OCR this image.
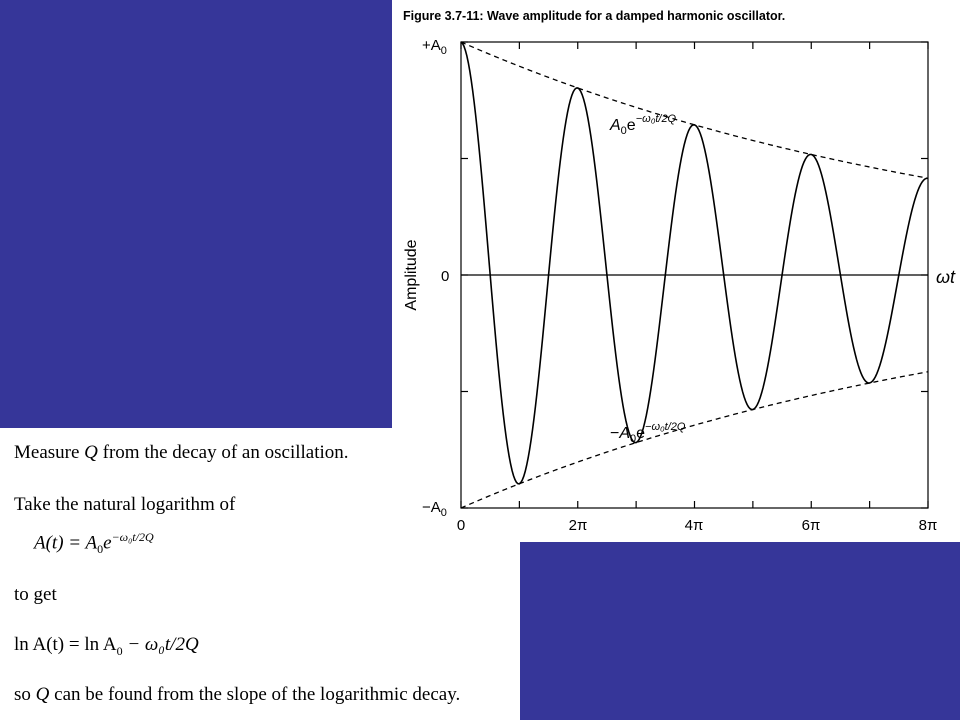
Figure 3.7-11: Wave amplitude for a damped harmonic oscillator.
$+A_0$
0
$-A_0$
0	2π	4π	6π	8π
ωt
Amplitude
$A_0e^{-\omega_0t/2Q}$
$-A_0e^{-\omega_0t/2Q}$
Measure Q from the decay of an oscillation.
Take the natural logarithm of
$A(t) = A_0e^{-\omega_0t/2Q}$
to get
$\ln A(t) = \ln A_0 - \omega_0t/2Q$
so Q can be found from the slope of the logarithmic decay.
